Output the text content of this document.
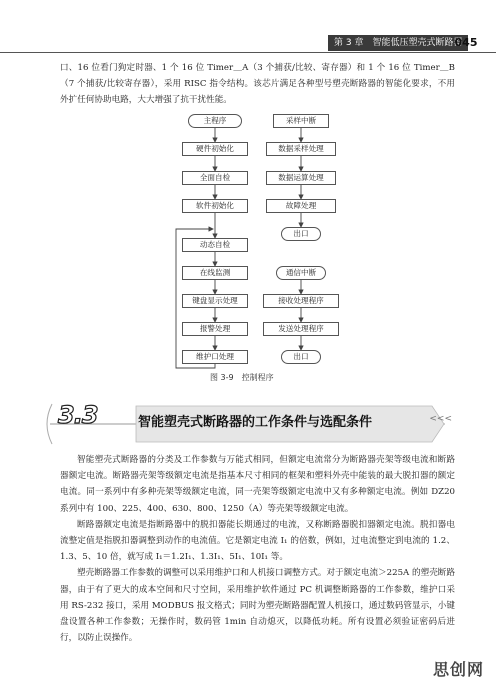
第 3 章　智能低压塑壳式断路器
045

口、16 位看门狗定时器、1 个 16 位 Timer＿A（3 个捕获/比较、寄存器）和 1 个 16 位 Timer＿B（7 个捕获/比较寄存器），采用 RISC 指令结构。该芯片满足各种型号塑壳断路器的智能化要求，不用外扩任何协助电路，大大增强了抗干扰性能。

主程序
硬件初始化
全面自检
软件初始化
动态自检
在线监测
键盘显示处理
报警处理
维护口处理
采样中断
数据采样处理
数据运算处理
故障处理
出口
通信中断
接收处理程序
发送处理程序
出口
图 3-9 控制程序
3.3	智能塑壳式断路器的工作条件与选配条件	<<<

智能塑壳式断路器的分类及工作参数与万能式相同，但额定电流常分为断路器壳架等级电流和断路器额定电流。断路器壳架等级额定电流是指基本尺寸相同的框架和塑料外壳中能装的最大脱扣器的额定电流。同一系列中有多种壳架等级额定电流，同一壳架等级额定电流中又有多种额定电流。例如 DZ20 系列中有 100、225、400、630、800、1250（A）等壳架等级额定电流。

断路器额定电流是指断路器中的脱扣器能长期通过的电流，又称断路器脱扣器额定电流。脱扣器电流整定值是指脱扣器调整到动作的电流值。它是额定电流 I₁ 的倍数，例如，过电流整定到电流的 1.2、1.3、5、10 倍，就写成 I₁＝1.2I₁、1.3I₁、5I₁、10I₁ 等。

塑壳断路器工作参数的调整可以采用维护口和人机接口调整方式。对于额定电流＞225A 的塑壳断路器，由于有了更大的成本空间和尺寸空间，采用维护软件通过 PC 机调整断路器的工作参数，维护口采用 RS-232 接口，采用 MODBUS 报文格式；同时为塑壳断路器配置人机接口，通过数码管显示，小键盘设置各种工作参数；无操作时，数码管 1min 自动熄灭，以降低功耗。所有设置必须验证密码后进行，以防止误操作。

思创网
